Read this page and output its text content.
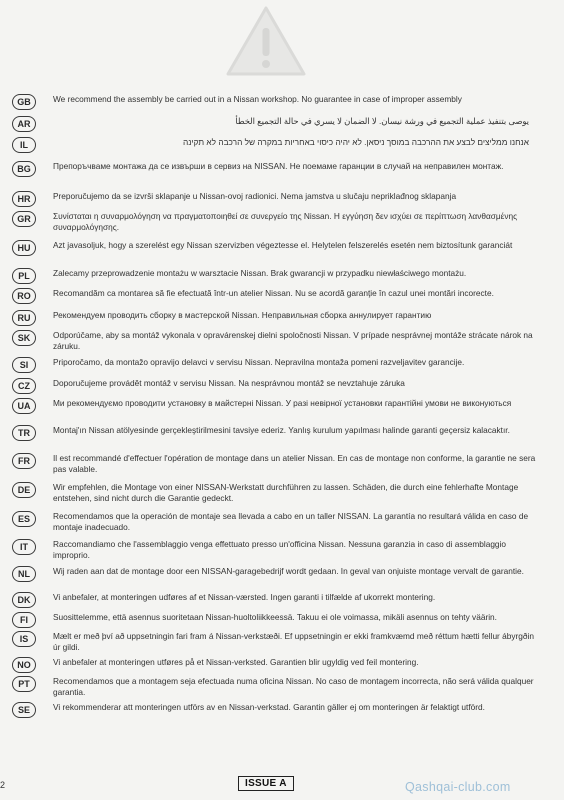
GB	We recommend the assembly be carried out in a Nissan workshop. No guarantee in case of improper assembly
AR	يوصى بتنفيذ عملية التجميع في ورشة نيسان. لا الضمان لا يسري في حالة التجميع الخطأ
IL	אנחנו ממליצים לבצע את ההרכבה במוסך ניסאן. לא יהיה כיסוי באחריות במקרה של הרכבה לא תקינה
BG	Препоръчваме монтажа да се извърши в сервиз на NISSAN. Не поемаме гаранции в случай на неправилен монтаж.
HR	Preporučujemo da se izvrši sklapanje u Nissan-ovoj radionici. Nema jamstva u slučaju nepriklađnog sklapanja
GR	Συνίσταται η συναρμολόγηση να πραγματοποιηθεί σε συνεργείο της Nissan. Η εγγύηση δεν ισχύει σε περίπτωση λανθασμένης συναρμολόγησης.
HU	Azt javasoljuk, hogy a szerelést egy Nissan szervizben végeztesse el. Helytelen felszerelés esetén nem biztosítunk garanciát
PL	Zalecamy przeprowadzenie montażu w warsztacie Nissan. Brak gwarancji w przypadku niewłaściwego montażu.
RO	Recomandăm ca montarea să fie efectuată într-un atelier Nissan. Nu se acordă garanţie în cazul unei montări incorecte.
RU	Рекомендуем проводить сборку в мастерской Nissan. Неправильная сборка аннулирует гарантию
SK	Odporúčame, aby sa montáž vykonala v opravárenskej dielni spoločnosti Nissan. V prípade nesprávnej montáže strácate nárok na záruku.
SI	Priporočamo, da montažo opravijo delavci v servisu Nissan. Nepravilna montaža pomeni razveljavitev garancije.
CZ	Doporučujeme provádět montáž v servisu Nissan. Na nesprávnou montáž se nevztahuje záruka
UA	Ми рекомендуємо проводити установку в майстерні Nissan. У разі невірної установки гарантійні умови не виконуються
TR	Montaj'ın Nissan atölyesinde gerçekleştirilmesini tavsiye ederiz. Yanlış kurulum yapılması halinde garanti geçersiz kalacaktır.
FR	Il est recommandé d'effectuer l'opération de montage dans un atelier Nissan. En cas de montage non conforme, la garantie ne sera pas valable.
DE	Wir empfehlen, die Montage von einer NISSAN-Werkstatt durchführen zu lassen. Schäden, die durch eine fehlerhafte Montage entstehen, sind nicht durch die Garantie gedeckt.
ES	Recomendamos que la operación de montaje sea llevada a cabo en un taller NISSAN. La garantía no resultará válida en caso de montaje inadecuado.
IT	Raccomandiamo che l'assemblaggio venga effettuato presso un'officina Nissan. Nessuna garanzia in caso di assemblaggio improprio.
NL	Wij raden aan dat de montage door een NISSAN-garagebedrijf wordt gedaan. In geval van onjuiste montage vervalt de garantie.
DK	Vi anbefaler, at monteringen udføres af et Nissan-værsted. Ingen garanti i tilfælde af ukorrekt montering.
FI	Suosittelemme, että asennus suoritetaan Nissan-huoltoliikkeessä. Takuu ei ole voimassa, mikäli asennus on tehty väärin.
IS	Mælt er með því að uppsetningin fari fram á Nissan-verkstæði. Ef uppsetningin er ekki framkvæmd með réttum hætti fellur ábyrgðin úr gildi.
NO	Vi anbefaler at monteringen utføres på et Nissan-verksted. Garantien blir ugyldig ved feil montering.
PT	Recomendamos que a montagem seja efectuada numa oficina Nissan. No caso de montagem incorrecta, não será válida qualquer garantia.
SE	Vi rekommenderar att monteringen utförs av en Nissan-verkstad. Garantin gäller ej om monteringen är felaktigt utförd.
2	ISSUE A	Qashqai-club.com
